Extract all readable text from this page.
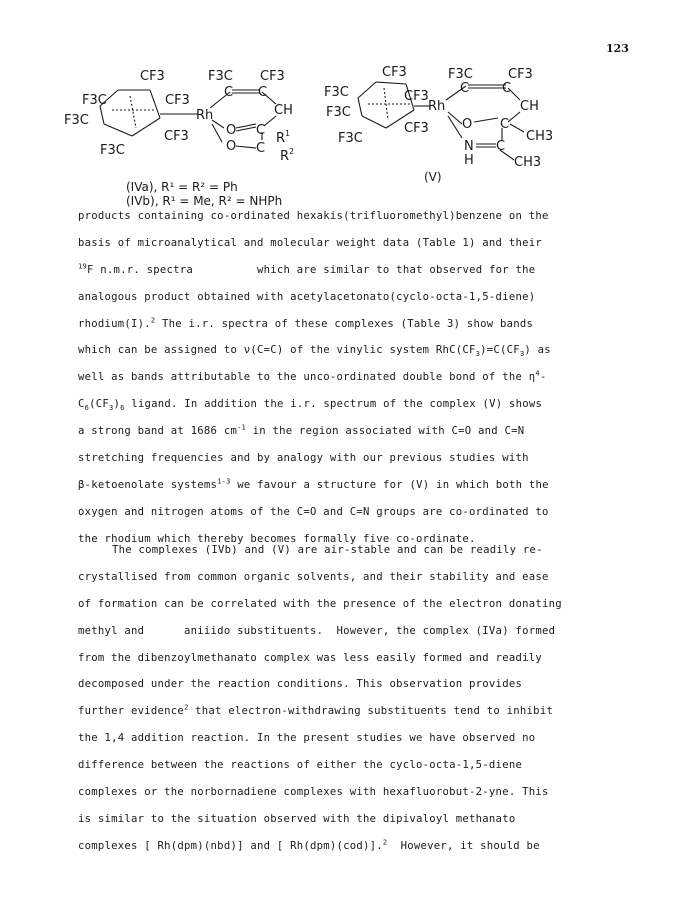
123
CF3
F3C	CF3
F3C
CF3
F3C
Rh
F3C CF3
C C
CH
O C
R 1
O C
R 2
CF3
F3C	CF3
F3C
CF3
F3C
Rh
F3C	CF3
C	C
CH
O C
CH3
N
H
C
CH3
(IVa), R¹ = R² = Ph
(IVb), R¹ = Me, R² = NHPh
(V)
products containing co-ordinated hexakis(trifluoromethyl)benzene on the
basis of microanalytical and molecular weight data (Table 1) and their
$^{19}$F n.m.r. spectra	which are similar to that observed for the
analogous product obtained with acetylacetonato(cyclo-octa-1,5-diene)
rhodium(I).$^2$ The i.r. spectra of these complexes (Table 3) show bands
which can be assigned to ν(C=C) of the vinylic system $RhC(CF_3)=C(CF_3)$ as
well as bands attributable to the unco-ordinated double bond of the $\eta^4-$
$C_6(CF_3)_6$ ligand. In addition the i.r. spectrum of the complex (V) shows
a strong band at 1686 $cm^{-1}$ in the region associated with C=O and C=N
stretching frequencies and by analogy with our previous studies with
β-ketoenolate systems$^{1-3}$ we favour a structure for (V) in which both the
oxygen and nitrogen atoms of the C=O and C=N groups are co-ordinated to
the rhodium which thereby becomes formally five co-ordinate.
The complexes (IVb) and (V) are air-stable and can be readily re-
crystallised from common organic solvents, and their stability and ease
of formation can be correlated with the presence of the electron donating
methyl and      aniiido substituents.  However, the complex (IVa) formed
from the dibenzoylmethanato complex was less easily formed and readily
decomposed under the reaction conditions. This observation provides
further evidence$^2$ that electron-withdrawing substituents tend to inhibit
the 1,4 addition reaction. In the present studies we have observed no
difference between the reactions of either the cyclo-octa-1,5-diene
complexes or the norbornadiene complexes with hexafluorobut-2-yne. This
is similar to the situation observed with the dipivaloyl methanato
complexes [ Rh(dpm)(nbd)] and [ Rh(dpm)(cod)].$^2$  However, it should be
